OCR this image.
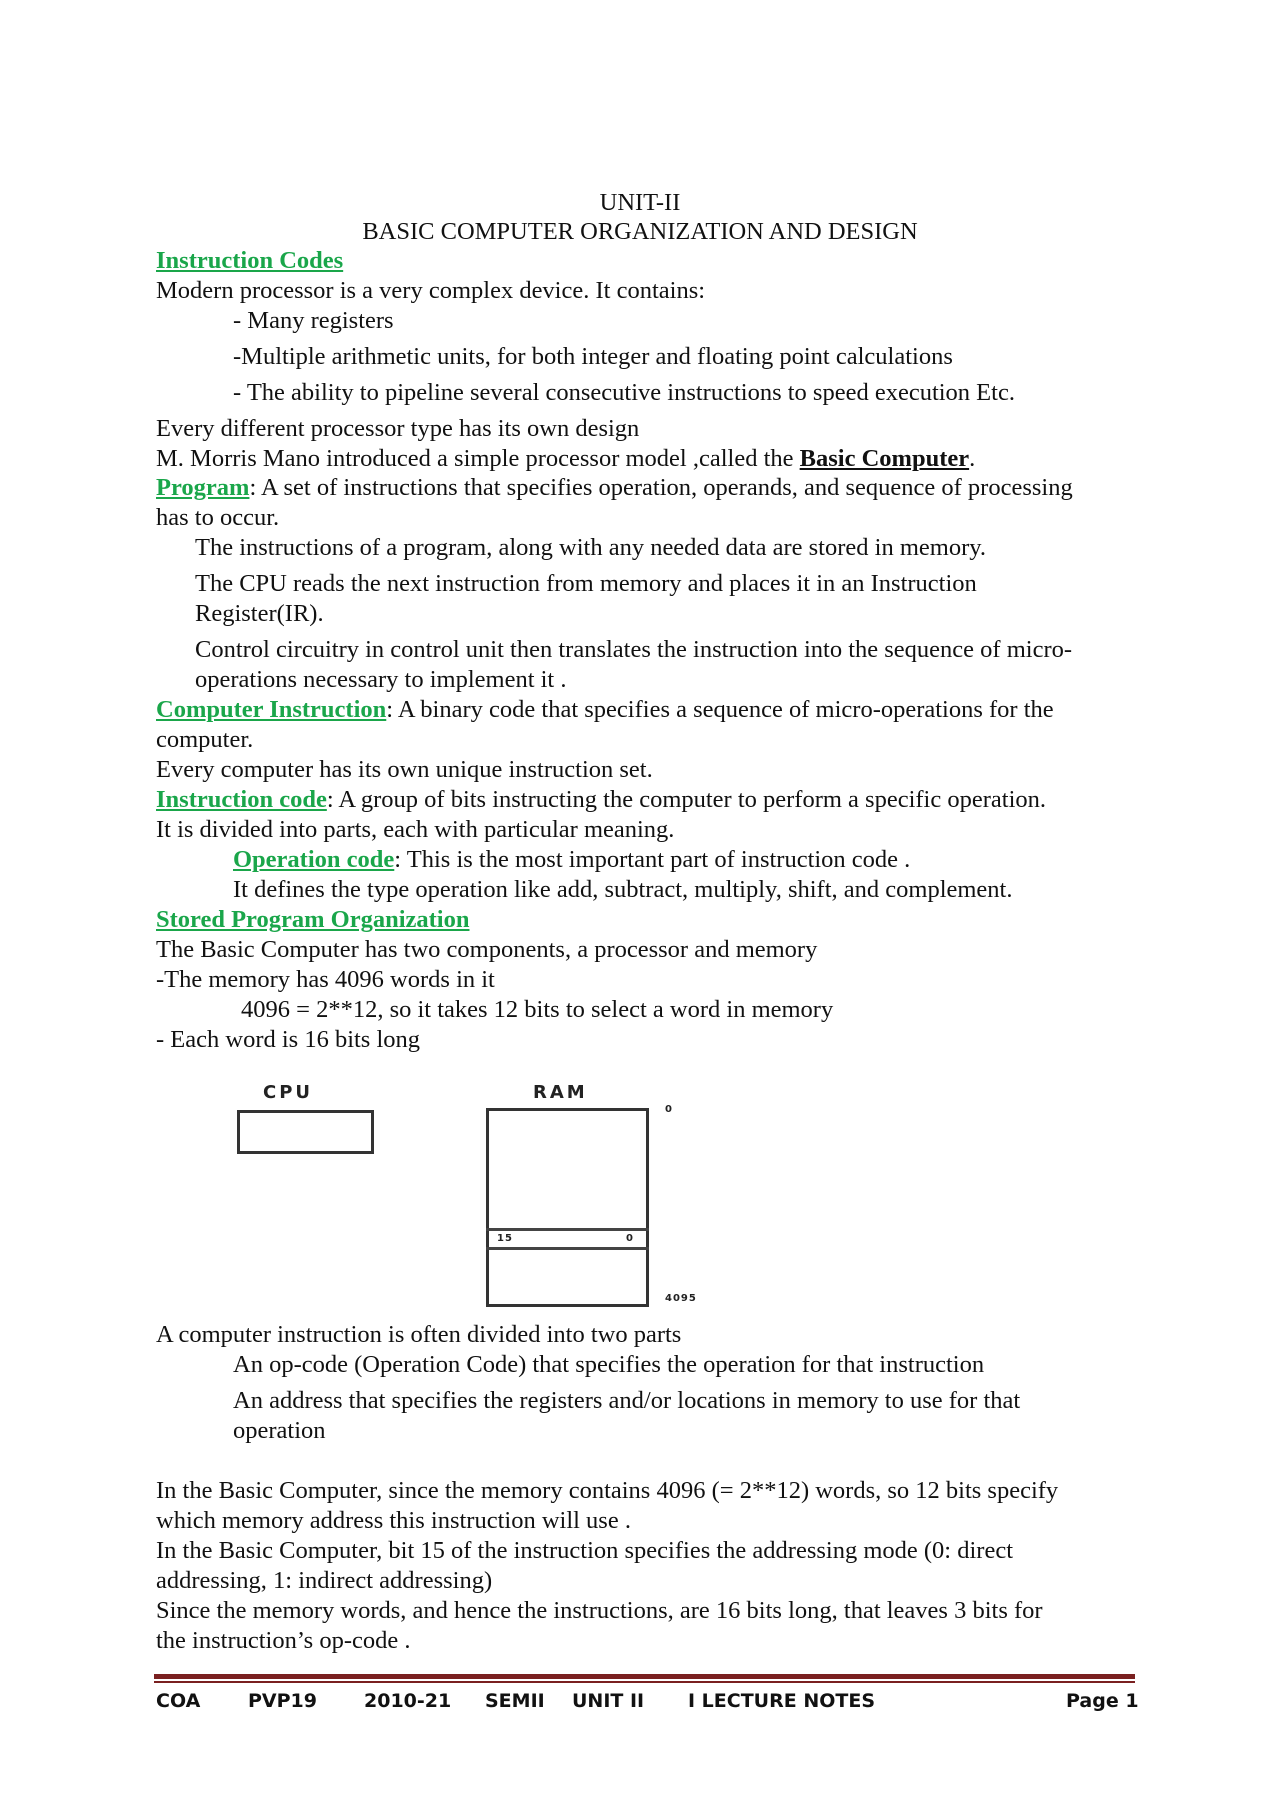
UNIT-II
BASIC COMPUTER ORGANIZATION AND DESIGN
Instruction Codes
Modern processor is a very complex device. It contains:
- Many registers
-Multiple arithmetic units, for both integer and floating point calculations
- The ability to pipeline several consecutive instructions to speed execution Etc.
Every different processor type has its own design
M. Morris Mano introduced a simple processor model ,called the Basic Computer.
Program: A set of instructions that specifies operation, operands, and sequence of processing
has to occur.
The instructions of a program, along with any needed data are stored in memory.
The CPU reads the next instruction from memory and places it in an Instruction
Register(IR).
Control circuitry in control unit then translates the instruction into the sequence of micro-
operations necessary to implement it .
Computer Instruction: A binary code that specifies a sequence of micro-operations for the
computer.
Every computer has its own unique instruction set.
Instruction code: A group of bits instructing the computer to perform a specific operation.
It is divided into parts, each with particular meaning.
Operation code: This is the most important part of instruction code .
It defines the type operation like add, subtract, multiply, shift, and complement.
Stored Program Organization
The Basic Computer has two components, a processor and memory
-The memory has 4096 words in it
4096 = 2**12, so it takes 12 bits to select a word in memory
- Each word is 16 bits long
CPU	RAM
15	0
0
4095
A computer instruction is often divided into two parts
An op-code (Operation Code) that specifies the operation for that instruction
An address that specifies the registers and/or locations in memory to use for that
operation
In the Basic Computer, since the memory contains 4096 (= 2**12) words, so 12 bits specify
which memory address this instruction will use .
In the Basic Computer, bit 15 of the instruction specifies the addressing mode (0: direct
addressing, 1: indirect addressing)
Since the memory words, and hence the instructions, are 16 bits long, that leaves 3 bits for
the instruction’s op-code .
COA	PVP19 2010-21 SEMII UNIT II I LECTURE NOTES	Page 1
